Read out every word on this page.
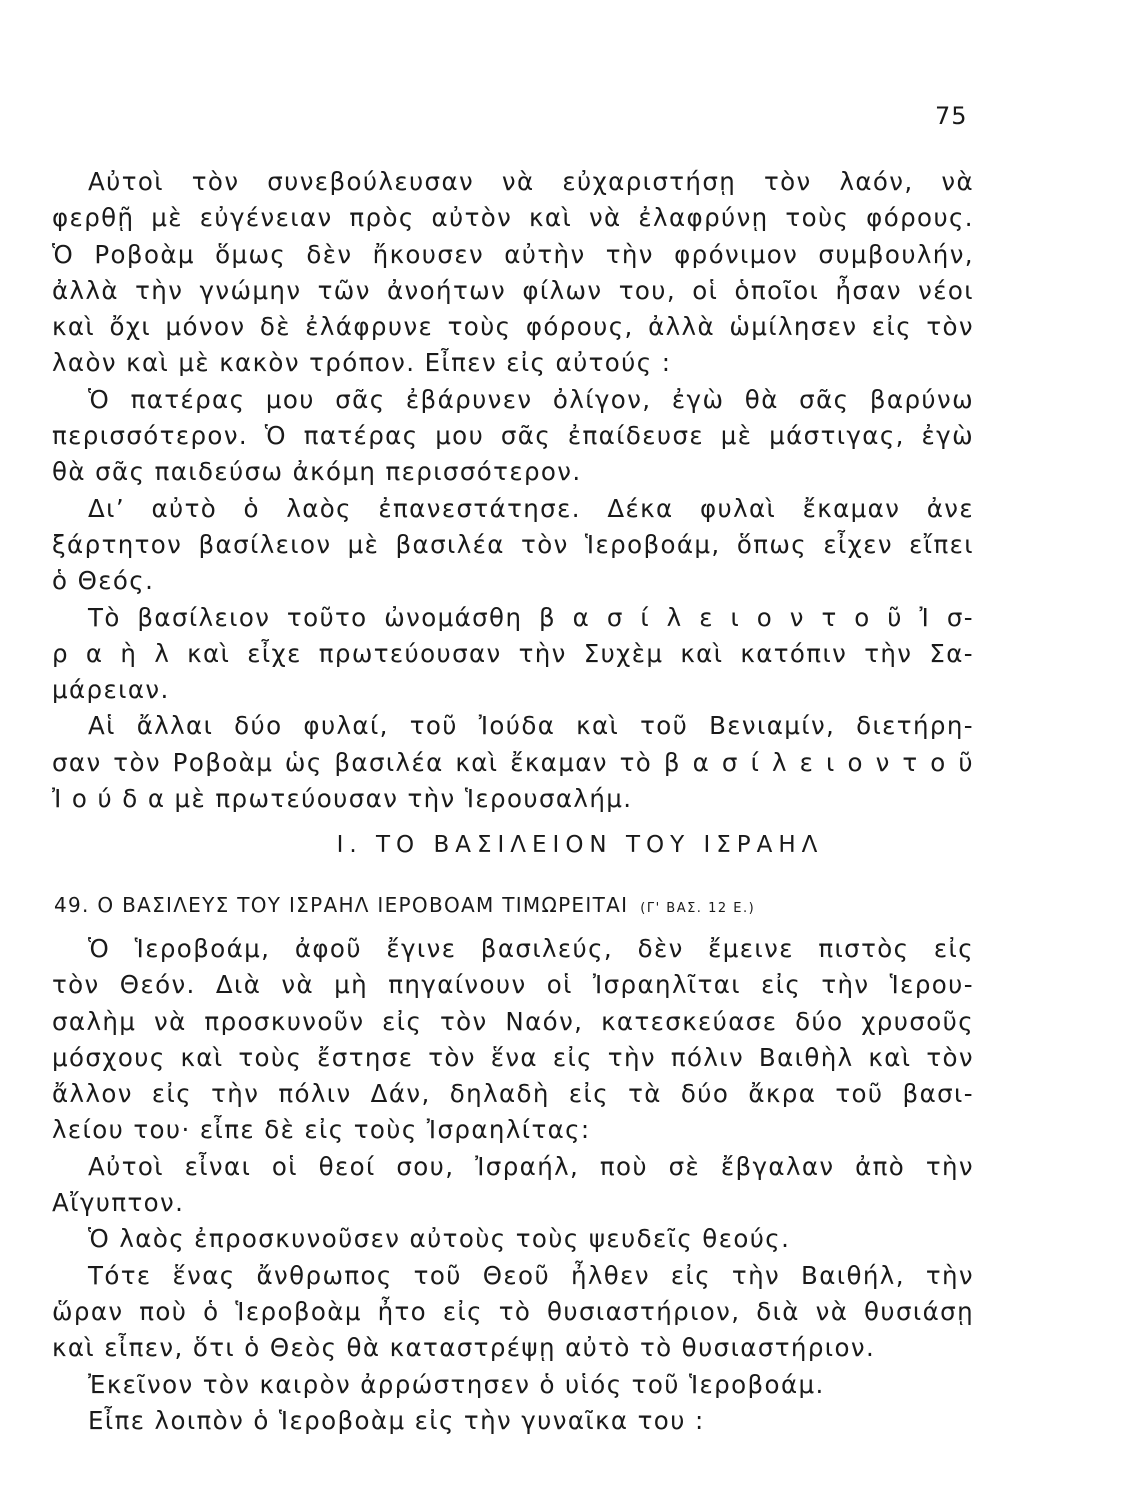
75
Αὐτοὶ τὸν συνεβούλευσαν νὰ εὐχαριστήσῃ τὸν λαόν, νὰ
φερθῇ μὲ εὐγένειαν πρὸς αὐτὸν καὶ νὰ ἐλαφρύνῃ τοὺς φόρους.
Ὁ Ροβοὰμ ὅμως δὲν ἤκουσεν αὐτὴν τὴν φρόνιμον συμβουλήν,
ἀλλὰ τὴν γνώμην τῶν ἀνοήτων φίλων του, οἱ ὁποῖοι ἦσαν νέοι
καὶ ὄχι μόνον δὲ ἐλάφρυνε τοὺς φόρους, ἀλλὰ ὡμίλησεν εἰς τὸν
λαὸν καὶ μὲ κακὸν τρόπον. Εἶπεν εἰς αὐτούς :
Ὁ πατέρας μου σᾶς ἐβάρυνεν ὀλίγον, ἐγὼ θὰ σᾶς βαρύνω
περισσότερον. Ὁ πατέρας μου σᾶς ἐπαίδευσε μὲ μάστιγας, ἐγὼ
θὰ σᾶς παιδεύσω ἀκόμη περισσότερον.
Δι’ αὐτὸ ὁ λαὸς ἐπανεστάτησε. Δέκα φυλαὶ ἔκαμαν ἀνε
ξάρτητον βασίλειον μὲ βασιλέα τὸν Ἱεροβοάμ, ὅπως εἶχεν εἴπει
ὁ Θεός.
Τὸ βασίλειον τοῦτο ὠνομάσθη β α σ ί λ ε ι ο ν τ ο ῦ Ἰ σ-
ρ α ὴ λ καὶ εἶχε πρωτεύουσαν τὴν Συχὲμ καὶ κατόπιν τὴν Σα-
μάρειαν.
Αἱ ἄλλαι δύο φυλαί, τοῦ Ἰούδα καὶ τοῦ Βενιαμίν, διετήρη-
σαν τὸν Ροβοὰμ ὡς βασιλέα καὶ ἔκαμαν τὸ β α σ ί λ ε ι ο ν τ ο ῦ
Ἰ ο ύ δ α μὲ πρωτεύουσαν τὴν Ἱερουσαλήμ.
Ι. ΤΟ ΒΑΣΙΛΕΙΟΝ ΤΟΥ ΙΣΡΑΗΛ
49. Ο ΒΑΣΙΛΕΥΣ ΤΟΥ ΙΣΡΑΗΛ ΙΕΡΟΒΟΑΜ ΤΙΜΩΡΕΙΤΑΙ (Γ' ΒΑΣ. 12 Ε.)
Ὁ Ἱεροβοάμ, ἀφοῦ ἔγινε βασιλεύς, δὲν ἔμεινε πιστὸς εἰς
τὸν Θεόν. Διὰ νὰ μὴ πηγαίνουν οἱ Ἰσραηλῖται εἰς τὴν Ἱερου-
σαλὴμ νὰ προσκυνοῦν εἰς τὸν Ναόν, κατεσκεύασε δύο χρυσοῦς
μόσχους καὶ τοὺς ἔστησε τὸν ἕνα εἰς τὴν πόλιν Βαιθὴλ καὶ τὸν
ἄλλον εἰς τὴν πόλιν Δάν, δηλαδὴ εἰς τὰ δύο ἄκρα τοῦ βασι-
λείου του· εἶπε δὲ εἰς τοὺς Ἰσραηλίτας:
Αὐτοὶ εἶναι οἱ θεοί σου, Ἰσραήλ, ποὺ σὲ ἔβγαλαν ἀπὸ τὴν
Αἴγυπτον.
Ὁ λαὸς ἐπροσκυνοῦσεν αὐτοὺς τοὺς ψευδεῖς θεούς.
Τότε ἕνας ἄνθρωπος τοῦ Θεοῦ ἦλθεν εἰς τὴν Βαιθήλ, τὴν
ὥραν ποὺ ὁ Ἱεροβοὰμ ἦτο εἰς τὸ θυσιαστήριον, διὰ νὰ θυσιάσῃ
καὶ εἶπεν, ὅτι ὁ Θεὸς θὰ καταστρέψῃ αὐτὸ τὸ θυσιαστήριον.
Ἐκεῖνον τὸν καιρὸν ἀρρώστησεν ὁ υἱός τοῦ Ἱεροβοάμ.
Εἶπε λοιπὸν ὁ Ἱεροβοὰμ εἰς τὴν γυναῖκα του :
